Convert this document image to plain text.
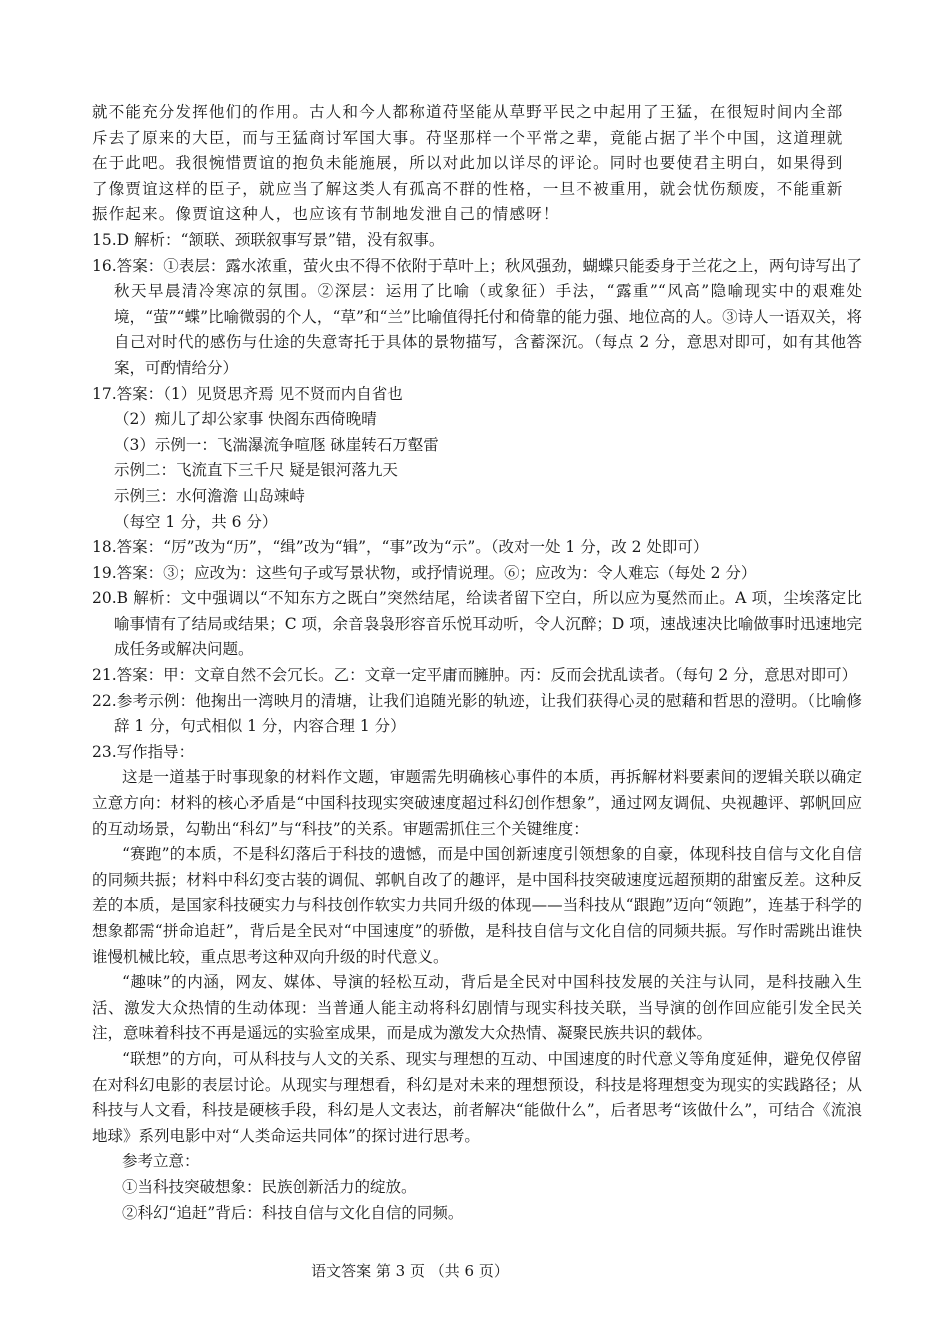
就不能充分发挥他们的作用。古人和今人都称道苻坚能从草野平民之中起用了王猛，在很短时间内全部

斥去了原来的大臣，而与王猛商讨军国大事。苻坚那样一个平常之辈，竟能占据了半个中国，这道理就

在于此吧。我很惋惜贾谊的抱负未能施展，所以对此加以详尽的评论。同时也要使君主明白，如果得到

了像贾谊这样的臣子，就应当了解这类人有孤高不群的性格，一旦不被重用，就会忧伤颓废，不能重新

振作起来。像贾谊这种人，也应该有节制地发泄自己的情感呀！

15.D 解析：“颔联、颈联叙事写景”错，没有叙事。

16.答案：①表层：露水浓重，萤火虫不得不依附于草叶上；秋风强劲，蝴蝶只能委身于兰花之上，两句诗写出了秋天早晨清冷寒凉的氛围。②深层：运用了比喻（或象征）手法，“露重”“风高”隐喻现实中的艰难处境，“萤”“蝶”比喻微弱的个人，“草”和“兰”比喻值得托付和倚靠的能力强、地位高的人。③诗人一语双关，将自己对时代的感伤与仕途的失意寄托于具体的景物描写，含蓄深沉。（每点 2 分，意思对即可，如有其他答案，可酌情给分）

17.答案：（1）见贤思齐焉 见不贤而内自省也

（2）痴儿了却公家事 快阁东西倚晚晴

（3）示例一：飞湍瀑流争喧豗 砯崖转石万壑雷

示例二：飞流直下三千尺 疑是银河落九天

示例三：水何澹澹 山岛竦峙

（每空 1 分，共 6 分）

18.答案：“厉”改为“历”，“缉”改为“辑”，“事”改为“示”。（改对一处 1 分，改 2 处即可）

19.答案：③；应改为：这些句子或写景状物，或抒情说理。⑥；应改为：令人难忘（每处 2 分）

20.B 解析：文中强调以“不知东方之既白”突然结尾，给读者留下空白，所以应为戛然而止。A 项，尘埃落定比喻事情有了结局或结果；C 项，余音袅袅形容音乐悦耳动听，令人沉醉；D 项，速战速决比喻做事时迅速地完成任务或解决问题。

21.答案：甲：文章自然不会冗长。乙：文章一定平庸而臃肿。丙：反而会扰乱读者。（每句 2 分，意思对即可）

22.参考示例：他掬出一湾映月的清塘，让我们追随光影的轨迹，让我们获得心灵的慰藉和哲思的澄明。（比喻修辞 1 分，句式相似 1 分，内容合理 1 分）

23.写作指导：

这是一道基于时事现象的材料作文题，审题需先明确核心事件的本质，再拆解材料要素间的逻辑关联以确定立意方向：材料的核心矛盾是“中国科技现实突破速度超过科幻创作想象”，通过网友调侃、央视趣评、郭帆回应的互动场景，勾勒出“科幻”与“科技”的关系。审题需抓住三个关键维度：

“赛跑”的本质，不是科幻落后于科技的遗憾，而是中国创新速度引领想象的自豪，体现科技自信与文化自信的同频共振；材料中科幻变古装的调侃、郭帆自改了的趣评，是中国科技突破速度远超预期的甜蜜反差。这种反差的本质，是国家科技硬实力与科技创作软实力共同升级的体现——当科技从“跟跑”迈向“领跑”，连基于科学的想象都需“拼命追赶”，背后是全民对“中国速度”的骄傲，是科技自信与文化自信的同频共振。写作时需跳出谁快谁慢机械比较，重点思考这种双向升级的时代意义。

“趣味”的内涵，网友、媒体、导演的轻松互动，背后是全民对中国科技发展的关注与认同，是科技融入生活、激发大众热情的生动体现：当普通人能主动将科幻剧情与现实科技关联，当导演的创作回应能引发全民关注，意味着科技不再是遥远的实验室成果，而是成为激发大众热情、凝聚民族共识的载体。

“联想”的方向，可从科技与人文的关系、现实与理想的互动、中国速度的时代意义等角度延伸，避免仅停留在对科幻电影的表层讨论。从现实与理想看，科幻是对未来的理想预设，科技是将理想变为现实的实践路径；从科技与人文看，科技是硬核手段，科幻是人文表达，前者解决“能做什么”，后者思考“该做什么”，可结合《流浪地球》系列电影中对“人类命运共同体”的探讨进行思考。

参考立意：

①当科技突破想象：民族创新活力的绽放。

②科幻“追赶”背后：科技自信与文化自信的同频。

语文答案 第 3 页 （共 6 页）
